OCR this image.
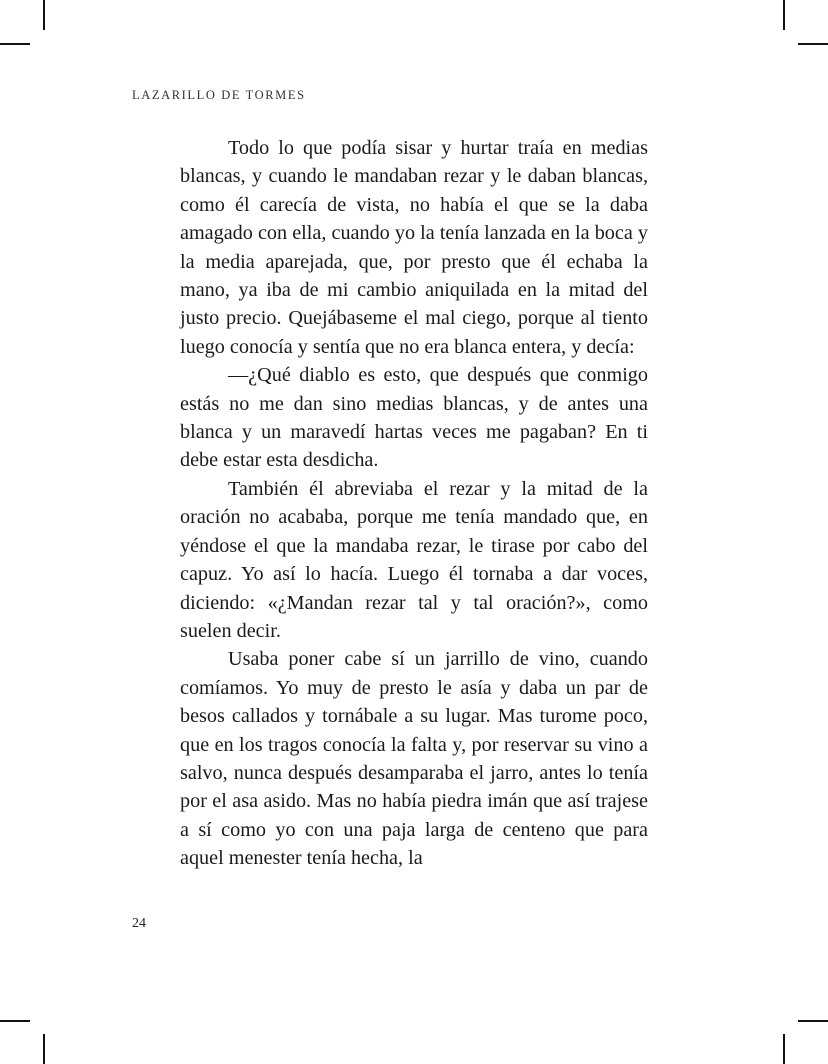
LAZARILLO DE TORMES

Todo lo que podía sisar y hurtar traía en medias blancas, y cuando le mandaban rezar y le daban blancas, como él carecía de vista, no había el que se la daba amagado con ella, cuando yo la tenía lanzada en la boca y la media aparejada, que, por presto que él echaba la mano, ya iba de mi cambio aniquilada en la mitad del justo precio. Quejábaseme el mal ciego, porque al tiento luego conocía y sentía que no era blanca entera, y decía:

—¿Qué diablo es esto, que después que conmigo estás no me dan sino medias blancas, y de antes una blanca y un maravedí hartas veces me pagaban? En ti debe estar esta desdicha.

También él abreviaba el rezar y la mitad de la oración no acababa, porque me tenía mandado que, en yéndose el que la mandaba rezar, le tirase por cabo del capuz. Yo así lo hacía. Luego él tornaba a dar voces, diciendo: «¿Mandan rezar tal y tal oración?», como suelen decir.

Usaba poner cabe sí un jarrillo de vino, cuando comíamos. Yo muy de presto le asía y daba un par de besos callados y tornábale a su lugar. Mas turome poco, que en los tragos conocía la falta y, por reservar su vino a salvo, nunca después desamparaba el jarro, antes lo tenía por el asa asido. Mas no había piedra imán que así trajese a sí como yo con una paja larga de centeno que para aquel menester tenía hecha, la

24
